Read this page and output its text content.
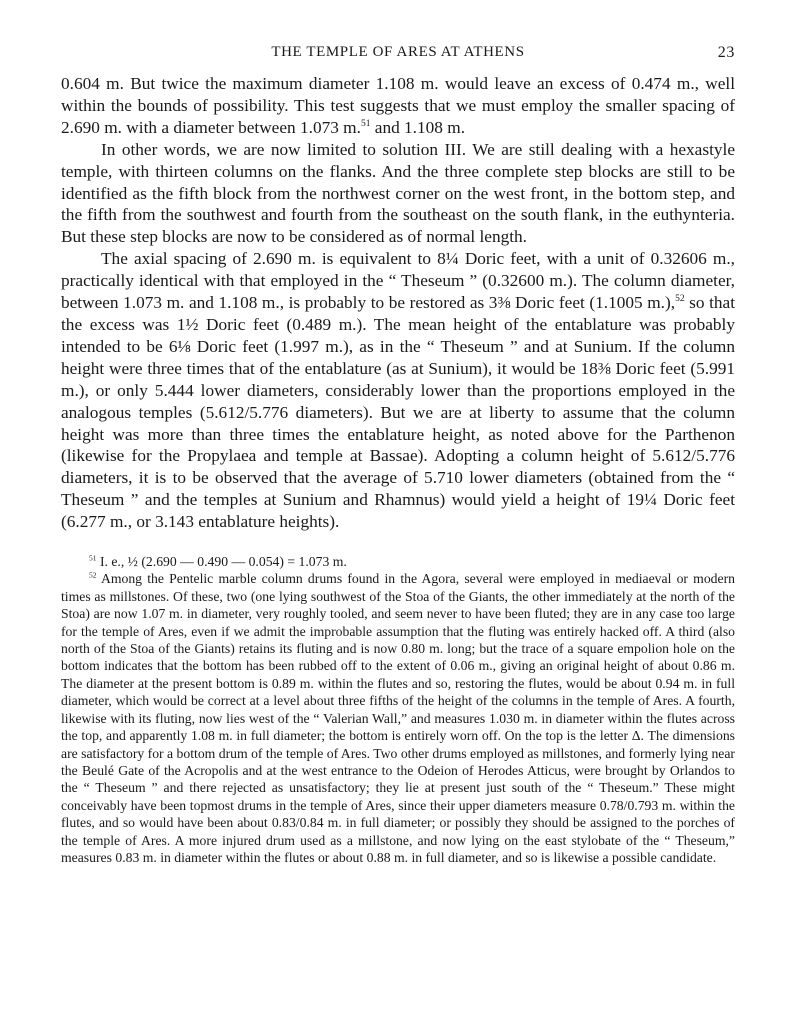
THE TEMPLE OF ARES AT ATHENS	23

0.604 m. But twice the maximum diameter 1.108 m. would leave an excess of 0.474 m., well within the bounds of possibility. This test suggests that we must employ the smaller spacing of 2.690 m. with a diameter between 1.073 m.$^{51}$ and 1.108 m.

In other words, we are now limited to solution III. We are still dealing with a hexastyle temple, with thirteen columns on the flanks. And the three complete step blocks are still to be identified as the fifth block from the northwest corner on the west front, in the bottom step, and the fifth from the southwest and fourth from the southeast on the south flank, in the euthynteria. But these step blocks are now to be considered as of normal length.

The axial spacing of 2.690 m. is equivalent to 8¼ Doric feet, with a unit of 0.32606 m., practically identical with that employed in the “ Theseum ” (0.32600 m.). The column diameter, between 1.073 m. and 1.108 m., is probably to be restored as 3⅜ Doric feet (1.1005 m.),$^{52}$ so that the excess was 1½ Doric feet (0.489 m.). The mean height of the entablature was probably intended to be 6⅛ Doric feet (1.997 m.), as in the “ Theseum ” and at Sunium. If the column height were three times that of the entablature (as at Sunium), it would be 18⅜ Doric feet (5.991 m.), or only 5.444 lower diameters, considerably lower than the proportions employed in the analogous temples (5.612/5.776 diameters). But we are at liberty to assume that the column height was more than three times the entablature height, as noted above for the Parthenon (likewise for the Propylaea and temple at Bassae). Adopting a column height of 5.612/5.776 diameters, it is to be observed that the average of 5.710 lower diameters (obtained from the “ Theseum ” and the temples at Sunium and Rhamnus) would yield a height of 19¼ Doric feet (6.277 m., or 3.143 entablature heights).

$^{51}$ I. e., ½ (2.690 — 0.490 — 0.054) = 1.073 m.

$^{52}$ Among the Pentelic marble column drums found in the Agora, several were employed in mediaeval or modern times as millstones. Of these, two (one lying southwest of the Stoa of the Giants, the other immediately at the north of the Stoa) are now 1.07 m. in diameter, very roughly tooled, and seem never to have been fluted; they are in any case too large for the temple of Ares, even if we admit the improbable assumption that the fluting was entirely hacked off. A third (also north of the Stoa of the Giants) retains its fluting and is now 0.80 m. long; but the trace of a square empolion hole on the bottom indicates that the bottom has been rubbed off to the extent of 0.06 m., giving an original height of about 0.86 m. The diameter at the present bottom is 0.89 m. within the flutes and so, restoring the flutes, would be about 0.94 m. in full diameter, which would be correct at a level about three fifths of the height of the columns in the temple of Ares. A fourth, likewise with its fluting, now lies west of the “ Valerian Wall,” and measures 1.030 m. in diameter within the flutes across the top, and apparently 1.08 m. in full diameter; the bottom is entirely worn off. On the top is the letter Δ. The dimensions are satisfactory for a bottom drum of the temple of Ares. Two other drums employed as millstones, and formerly lying near the Beulé Gate of the Acropolis and at the west entrance to the Odeion of Herodes Atticus, were brought by Orlandos to the “ Theseum ” and there rejected as unsatisfactory; they lie at present just south of the “ Theseum.” These might conceivably have been topmost drums in the temple of Ares, since their upper diameters measure 0.78/0.793 m. within the flutes, and so would have been about 0.83/0.84 m. in full diameter; or possibly they should be assigned to the porches of the temple of Ares. A more injured drum used as a millstone, and now lying on the east stylobate of the “ Theseum,” measures 0.83 m. in diameter within the flutes or about 0.88 m. in full diameter, and so is likewise a possible candidate.
